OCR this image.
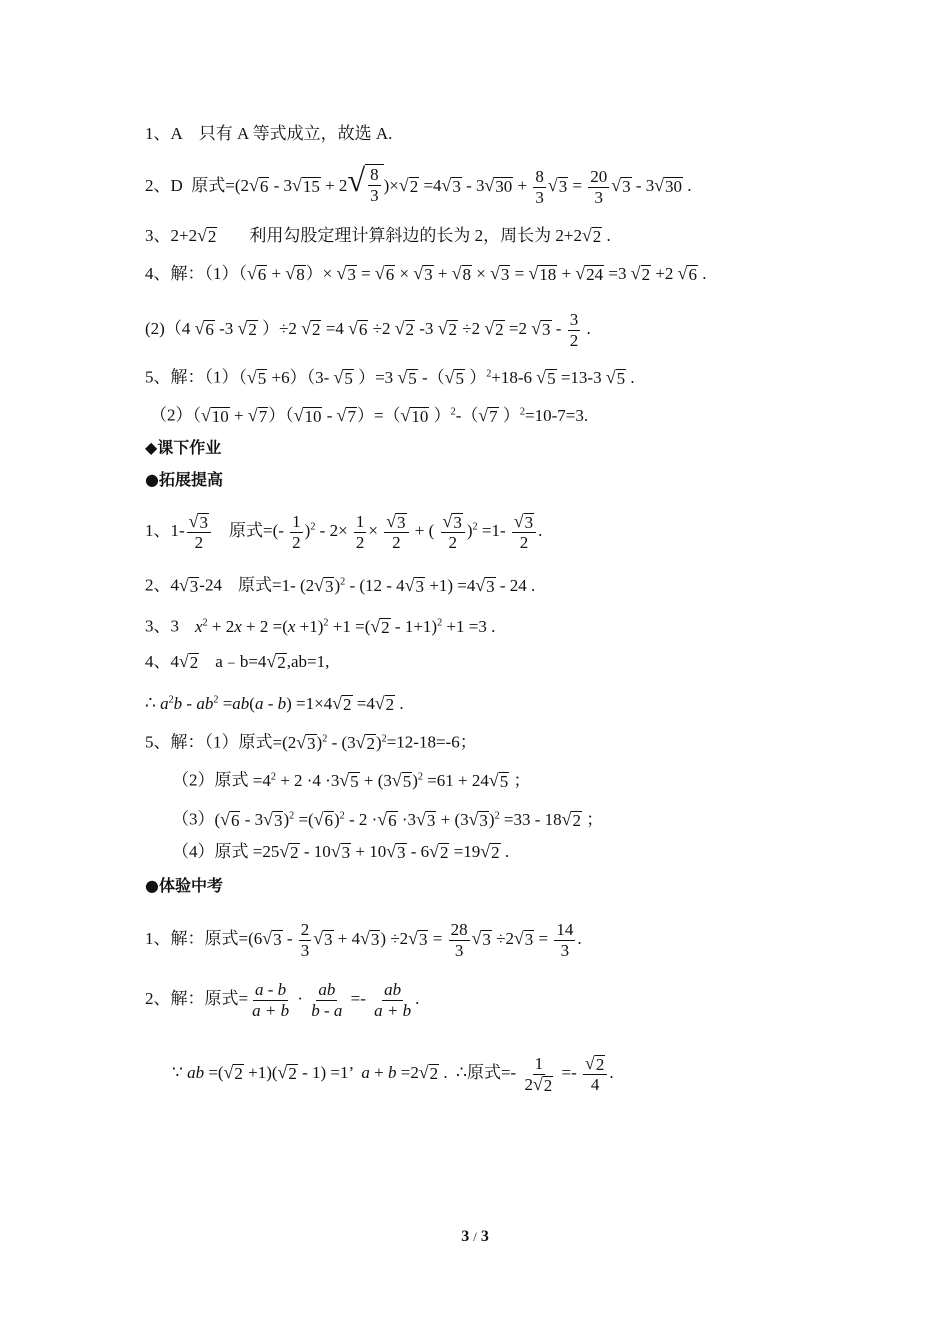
1、A 只有 A 等式成立，故选 A.
2、D 原式=(2 √ 6 - 3 √ 15 + 2 √ $\frac{8}{3}$ )× √ 2 =4 √ 3 - 3 √ $30 + \frac{8}{3}$ √ $3 = \frac{20}{3}$ √ 3 - 3 √ 30 .
3、2+2 √ 2 利用勾股定理计算斜边的长为 2，周长为 2+2 √ 2 .
4、解：（1）（ √ 6 + √ 8 ）× √ 3 = √ 6 × √ 3 + √ 8 × √ 3 = √ 18 + √ 24 =3 √ 2 +2 √ 6 .
(2)（4 √ 6 -3 √ 2 ）÷2 √ 2 =4 √ 6 ÷2 √ 2 -3 √ 2 ÷2 √ 2 =2 √ $3 - \frac{3}{2}$ .
5、解：（1）（ √ 5 +6）（3- √ 5 ）=3 √ 5 -（ √ 5 ）$^2$+18-6 √ 5 =13-3 √ 5 .
（2）（ √ 10 + √ 7 ）（ √ 10 - √ 7 ）=（ √ 10 ）$^2$-（ √ 7 ）$^2$=10-7=3.
◆课下作业
●拓展提高
1、$1- \frac{√ 3}{2}$ 原式=(- $\frac{1}{2} )^2 - 2\times \frac{1}{2} \times \frac{√ 3}{2}$ + ( $\frac{√ 3}{2} )^2 =1- \frac{√ 3}{2}$ .
2、4 √ 3 -24 原式=1- (2 √ 3 )$^2$ - (12 - 4 √ 3 +1) =4 √ 3 - 24 .
3、3 $x^2 + 2x + 2 =(x +1)^2 +1$ =( √ 2 - 1+1)$^2$ +1 =3 .
4、4 √ 2 a﹣b=4 √ 2 ,ab=1,
∴ $a^2b - ab^2 =ab(a - b) =1\times 4$ √ 2 =4 √ 2 .
5、解：（1）原式=(2 √ 3 )$^2$ - (3 √ 2 )$^2$=12-18=-6；
（2）原式 $=4^2 + 2 \cdot 4 \cdot 3$ √ 5 + (3 √ 5 )$^2$ =61 + 24 √ 5 ；
（3）( √ 6 - 3 √ 3 )$^2$ =( √ 6 )$^2$ - 2 · √ 6 ·3 √ 3 + (3 √ 3 )$^2$ =33 - 18 √ 2 ；
（4）原式 =25 √ 2 - 10 √ 3 + 10 √ 3 - 6 √ 2 =19 √ 2 .
●体验中考
1、解：原式=(6 √ $3 - \frac{2}{3}$ √ 3 + 4 √ 3 ) ÷2 √ $3 = \frac{28}{3}$ √ 3 ÷2 √ $3 = \frac{14}{3}$ .
2、解：原式= $\frac{a - b}{a + b} \cdot \frac{ab}{b - a} =- \frac{ab}{a + b}$ .
∵ ab =( √ 2 +1)( √ 2 - 1) =1’  a + b =2 √ 2 .  ∴原式=- $\frac{1}{2 √ 2} =- \frac{√ 2}{4}$ .
3 / 3
